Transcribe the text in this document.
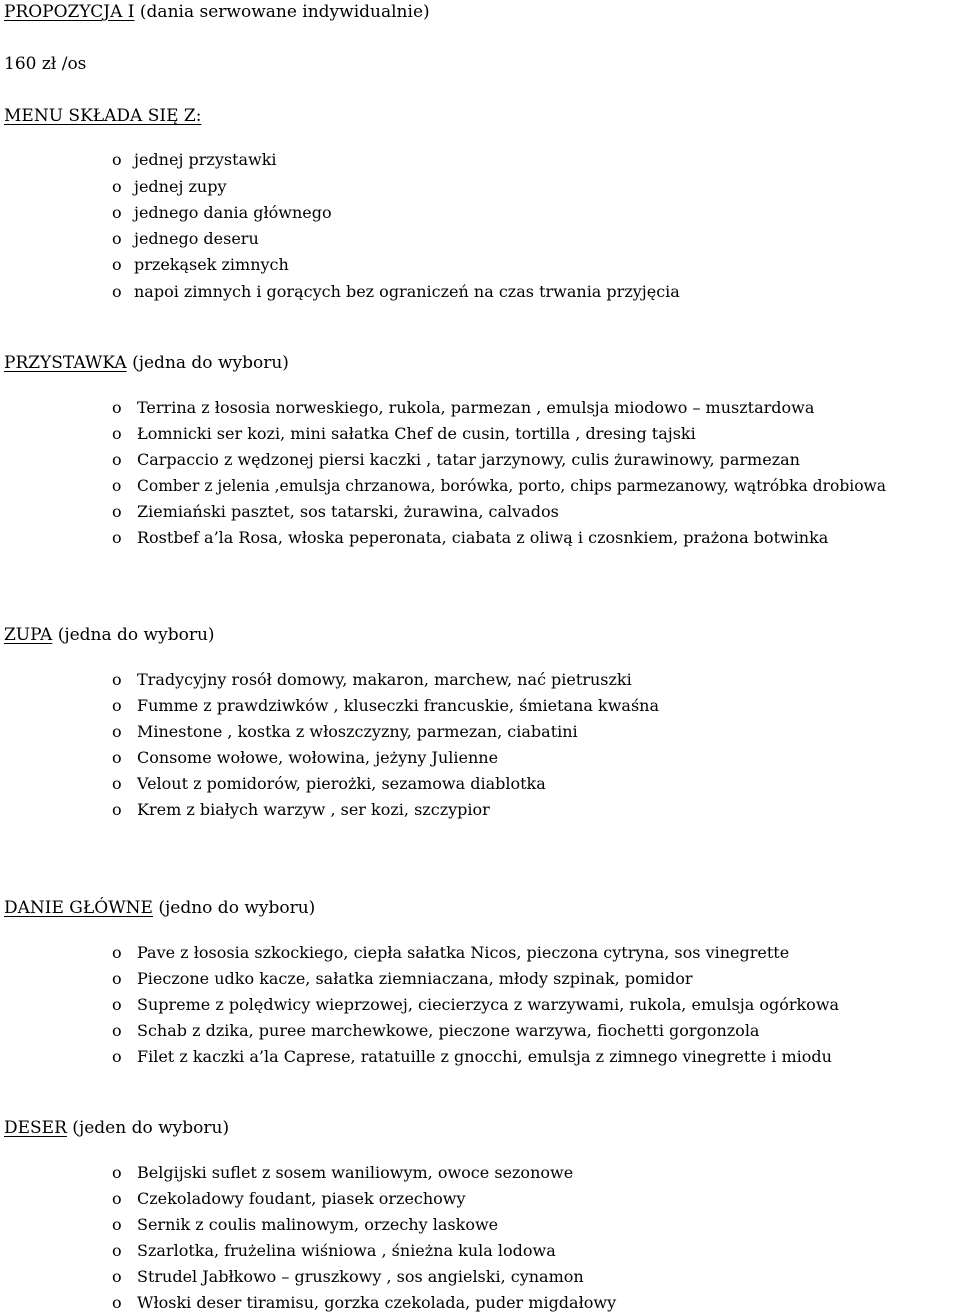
PROPOZYCJA I (dania serwowane indywidualnie)
160 zł /os
MENU SKŁADA SIĘ Z:
o jednej przystawki
o jednej zupy
o jednego dania głównego
o jednego deseru
o przekąsek zimnych
o napoi zimnych i gorących bez ograniczeń na czas trwania przyjęcia
PRZYSTAWKA (jedna do wyboru)
o Terrina z łososia norweskiego, rukola, parmezan , emulsja miodowo – musztardowa
o Łomnicki ser kozi, mini sałatka Chef de cusin, tortilla , dresing tajski
o Carpaccio z wędzonej piersi kaczki , tatar jarzynowy, culis żurawinowy, parmezan
o	Comber z jelenia ,emulsja chrzanowa, borówka, porto, chips parmezanowy, wątróbka drobiowa
o Ziemiański pasztet, sos tatarski, żurawina, calvados
o Rostbef a’la Rosa, włoska peperonata, ciabata z oliwą i czosnkiem, prażona botwinka
ZUPA (jedna do wyboru)
o Tradycyjny rosół domowy, makaron, marchew, nać pietruszki
o Fumme z prawdziwków , kluseczki francuskie, śmietana kwaśna
o Minestone , kostka z włoszczyzny, parmezan, ciabatini
o Consome wołowe, wołowina, jeżyny Julienne
o Velout z pomidorów, pierożki, sezamowa diablotka
o Krem z białych warzyw , ser kozi, szczypior
DANIE GŁÓWNE (jedno do wyboru)
o Pave z łososia szkockiego, ciepła sałatka Nicos, pieczona cytryna, sos vinegrette
o Pieczone udko kacze, sałatka ziemniaczana, młody szpinak, pomidor
o Supreme z polędwicy wieprzowej, ciecierzyca z warzywami, rukola, emulsja ogórkowa
o Schab z dzika, puree marchewkowe, pieczone warzywa, fiochetti gorgonzola
o Filet z kaczki a’la Caprese, ratatuille z gnocchi, emulsja z zimnego vinegrette i miodu
DESER (jeden do wyboru)
o Belgijski suflet z sosem waniliowym, owoce sezonowe
o Czekoladowy foudant, piasek orzechowy
o Sernik z coulis malinowym, orzechy laskowe
o Szarlotka, frużelina wiśniowa , śnieżna kula lodowa
o Strudel Jabłkowo – gruszkowy , sos angielski, cynamon
o Włoski deser tiramisu, gorzka czekolada, puder migdałowy
